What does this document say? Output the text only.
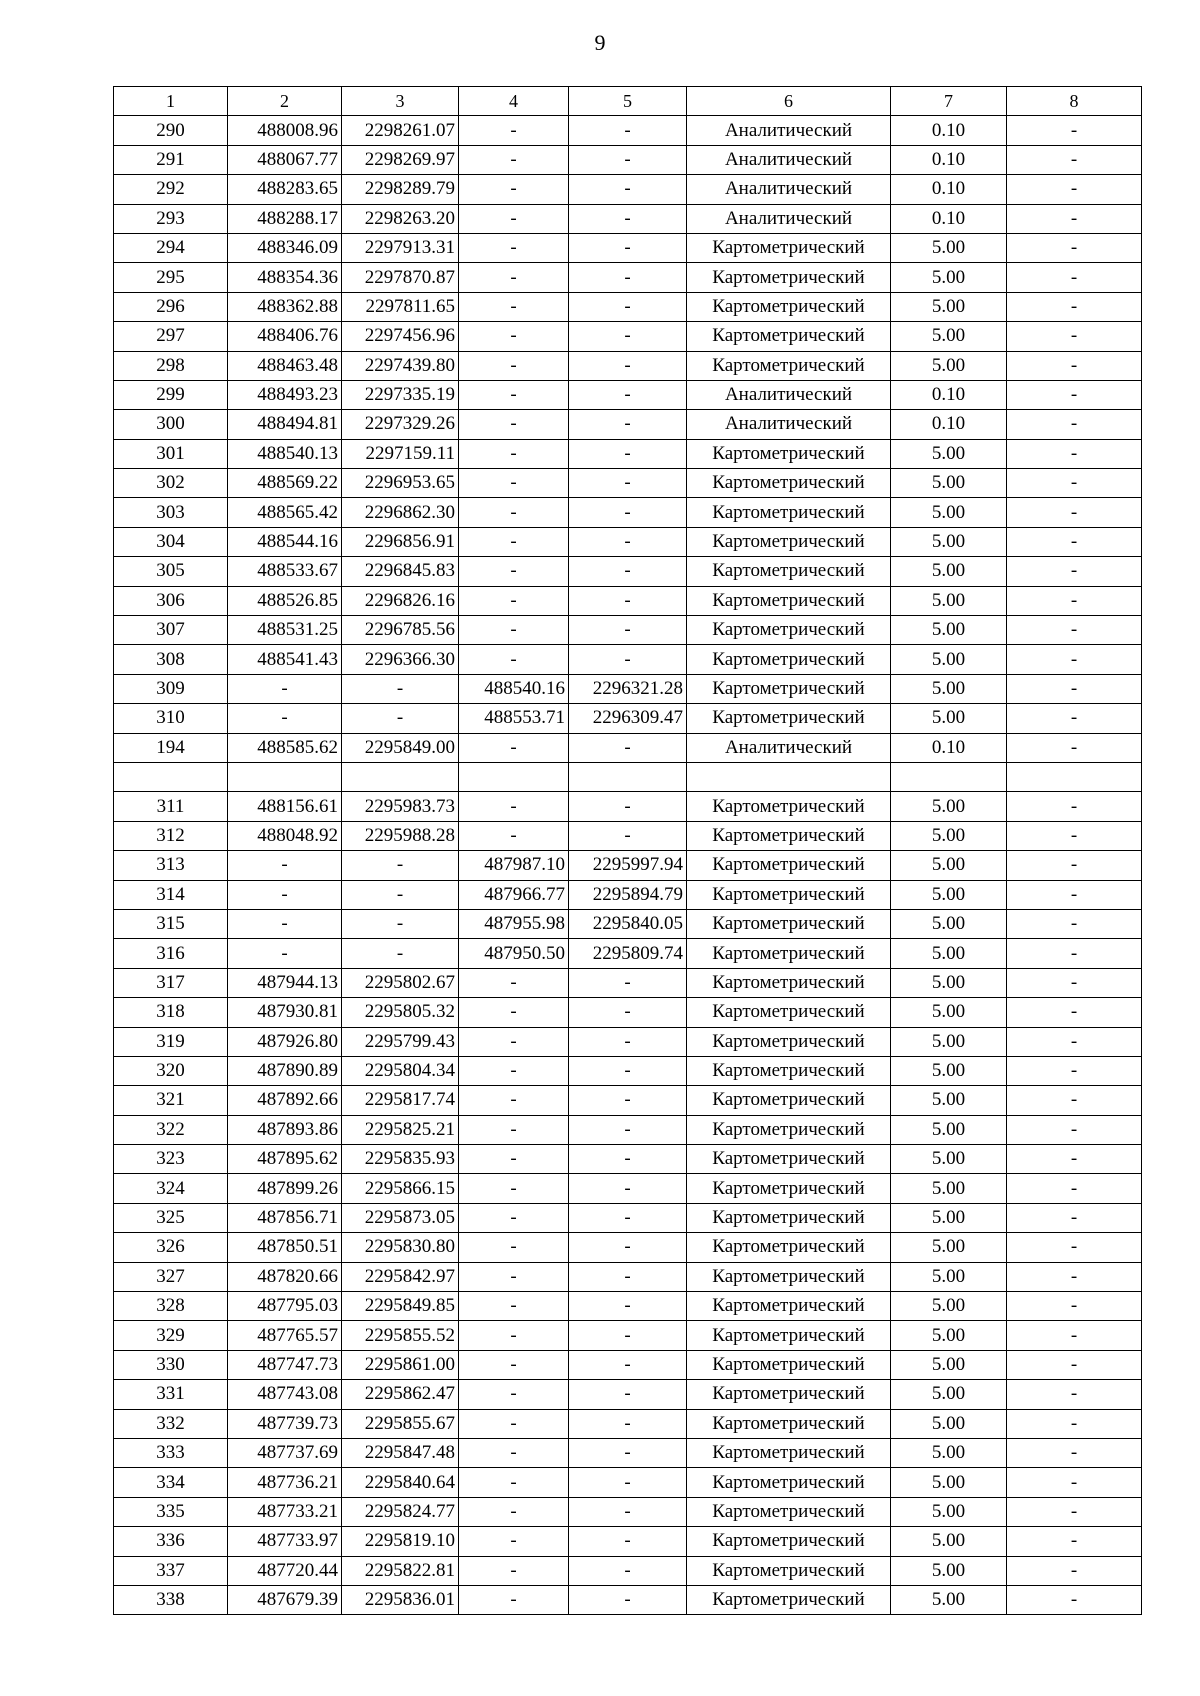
9
1	2	3	4	5	6	7	8
290	488008.96	2298261.07	-	-	Аналитический	0.10	-
291	488067.77	2298269.97	-	-	Аналитический	0.10	-
292	488283.65	2298289.79	-	-	Аналитический	0.10	-
293	488288.17	2298263.20	-	-	Аналитический	0.10	-
294	488346.09	2297913.31	-	-	Картометрический	5.00	-
295	488354.36	2297870.87	-	-	Картометрический	5.00	-
296	488362.88	2297811.65	-	-	Картометрический	5.00	-
297	488406.76	2297456.96	-	-	Картометрический	5.00	-
298	488463.48	2297439.80	-	-	Картометрический	5.00	-
299	488493.23	2297335.19	-	-	Аналитический	0.10	-
300	488494.81	2297329.26	-	-	Аналитический	0.10	-
301	488540.13	2297159.11	-	-	Картометрический	5.00	-
302	488569.22	2296953.65	-	-	Картометрический	5.00	-
303	488565.42	2296862.30	-	-	Картометрический	5.00	-
304	488544.16	2296856.91	-	-	Картометрический	5.00	-
305	488533.67	2296845.83	-	-	Картометрический	5.00	-
306	488526.85	2296826.16	-	-	Картометрический	5.00	-
307	488531.25	2296785.56	-	-	Картометрический	5.00	-
308	488541.43	2296366.30	-	-	Картометрический	5.00	-
309	-	-	488540.16	2296321.28	Картометрический	5.00	-
310	-	-	488553.71	2296309.47	Картометрический	5.00	-
194	488585.62	2295849.00	-	-	Аналитический	0.10	-

311	488156.61	2295983.73	-	-	Картометрический	5.00	-
312	488048.92	2295988.28	-	-	Картометрический	5.00	-
313	-	-	487987.10	2295997.94	Картометрический	5.00	-
314	-	-	487966.77	2295894.79	Картометрический	5.00	-
315	-	-	487955.98	2295840.05	Картометрический	5.00	-
316	-	-	487950.50	2295809.74	Картометрический	5.00	-
317	487944.13	2295802.67	-	-	Картометрический	5.00	-
318	487930.81	2295805.32	-	-	Картометрический	5.00	-
319	487926.80	2295799.43	-	-	Картометрический	5.00	-
320	487890.89	2295804.34	-	-	Картометрический	5.00	-
321	487892.66	2295817.74	-	-	Картометрический	5.00	-
322	487893.86	2295825.21	-	-	Картометрический	5.00	-
323	487895.62	2295835.93	-	-	Картометрический	5.00	-
324	487899.26	2295866.15	-	-	Картометрический	5.00	-
325	487856.71	2295873.05	-	-	Картометрический	5.00	-
326	487850.51	2295830.80	-	-	Картометрический	5.00	-
327	487820.66	2295842.97	-	-	Картометрический	5.00	-
328	487795.03	2295849.85	-	-	Картометрический	5.00	-
329	487765.57	2295855.52	-	-	Картометрический	5.00	-
330	487747.73	2295861.00	-	-	Картометрический	5.00	-
331	487743.08	2295862.47	-	-	Картометрический	5.00	-
332	487739.73	2295855.67	-	-	Картометрический	5.00	-
333	487737.69	2295847.48	-	-	Картометрический	5.00	-
334	487736.21	2295840.64	-	-	Картометрический	5.00	-
335	487733.21	2295824.77	-	-	Картометрический	5.00	-
336	487733.97	2295819.10	-	-	Картометрический	5.00	-
337	487720.44	2295822.81	-	-	Картометрический	5.00	-
338	487679.39	2295836.01	-	-	Картометрический	5.00	-
